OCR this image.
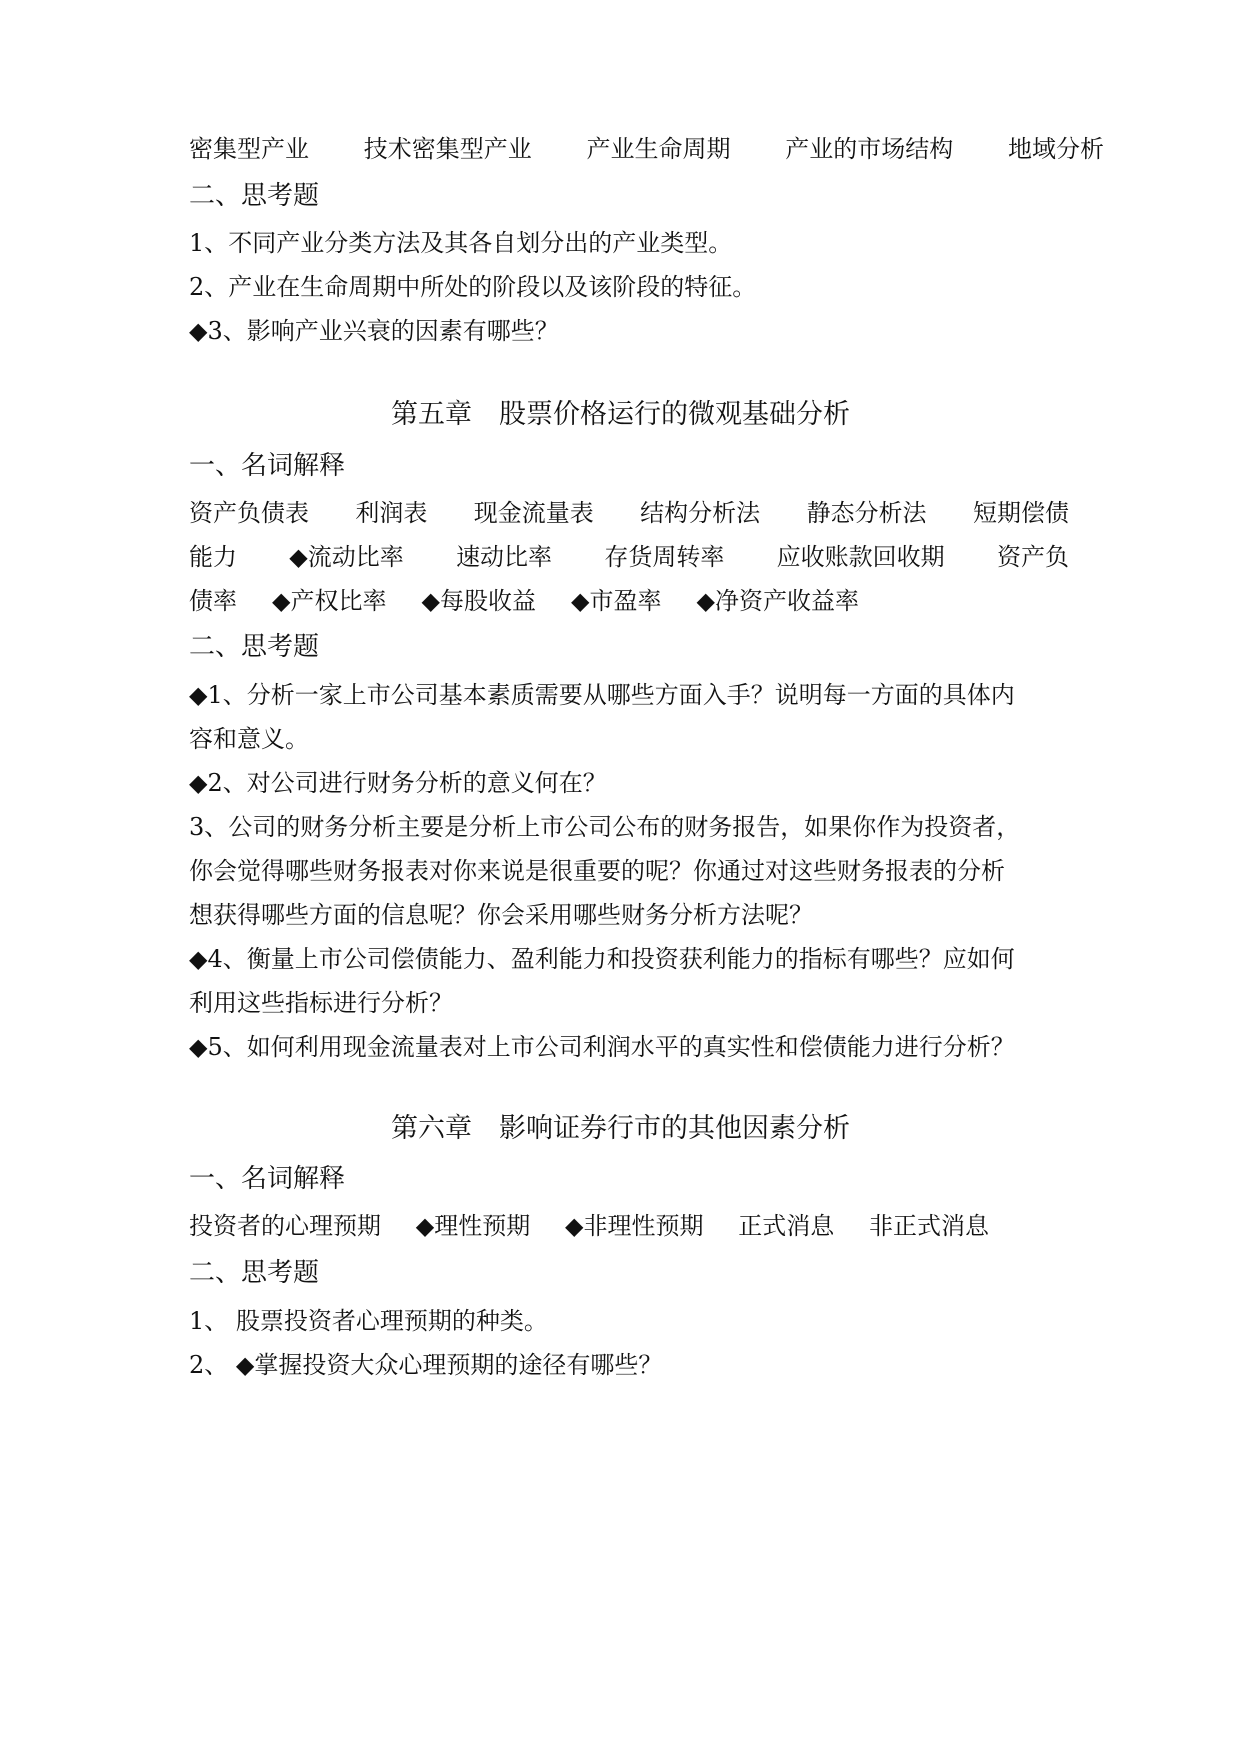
密集型产业 技术密集型产业 产业生命周期 产业的市场结构 地域分析
二、思考题
1、不同产业分类方法及其各自划分出的产业类型。
2、产业在生命周期中所处的阶段以及该阶段的特征。
◆3、影响产业兴衰的因素有哪些？
第五章　股票价格运行的微观基础分析
一、名词解释
资产负债表 利润表 现金流量表 结构分析法 静态分析法 短期偿债
能力 ◆流动比率 速动比率 存货周转率 应收账款回收期 资产负
债率 ◆产权比率 ◆每股收益 ◆市盈率 ◆净资产收益率
二、思考题
◆1、分析一家上市公司基本素质需要从哪些方面入手？说明每一方面的具体内
容和意义。
◆2、对公司进行财务分析的意义何在？
3、公司的财务分析主要是分析上市公司公布的财务报告，如果你作为投资者，
你会觉得哪些财务报表对你来说是很重要的呢？你通过对这些财务报表的分析
想获得哪些方面的信息呢？你会采用哪些财务分析方法呢？
◆4、衡量上市公司偿债能力、盈利能力和投资获利能力的指标有哪些？应如何
利用这些指标进行分析？
◆5、如何利用现金流量表对上市公司利润水平的真实性和偿债能力进行分析？
第六章　影响证券行市的其他因素分析
一、名词解释
投资者的心理预期 ◆理性预期 ◆非理性预期 正式消息 非正式消息
二、思考题
1、 股票投资者心理预期的种类。
2、 ◆掌握投资大众心理预期的途径有哪些？
